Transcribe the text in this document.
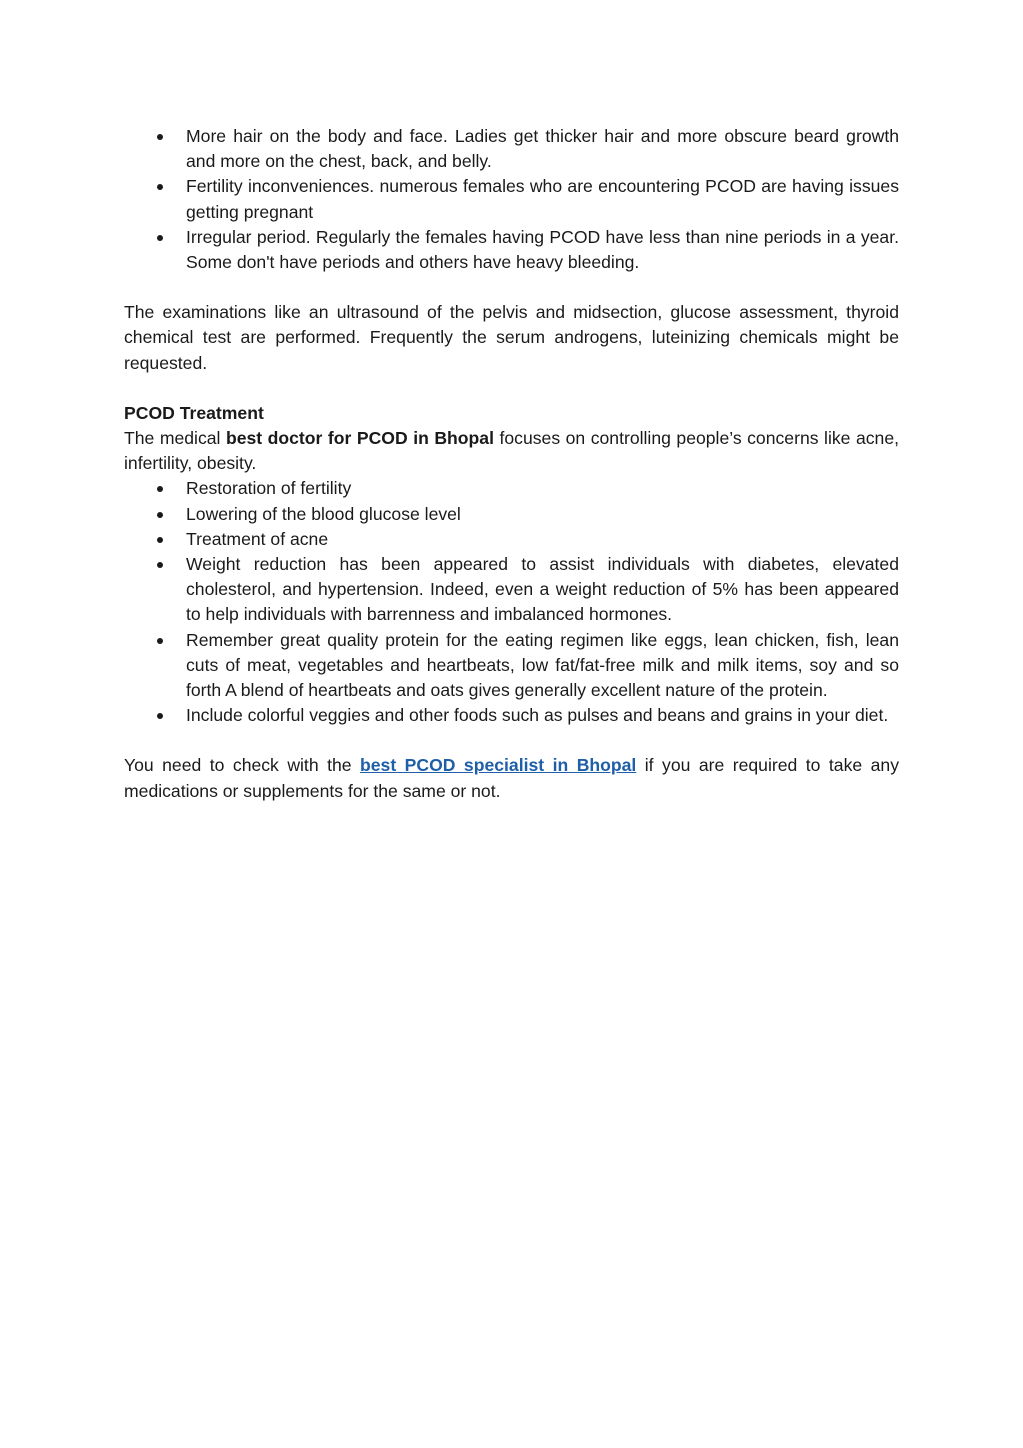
More hair on the body and face. Ladies get thicker hair and more obscure beard growth and more on the chest, back, and belly.
Fertility inconveniences. numerous females who are encountering PCOD are having issues getting pregnant
Irregular period. Regularly the females having PCOD have less than nine periods in a year. Some don't have periods and others have heavy bleeding.

The examinations like an ultrasound of the pelvis and midsection, glucose assessment, thyroid chemical test are performed. Frequently the serum androgens, luteinizing chemicals might be requested.

PCOD Treatment

The medical best doctor for PCOD in Bhopal focuses on controlling people’s concerns like acne, infertility, obesity.

Restoration of fertility
Lowering of the blood glucose level
Treatment of acne
Weight reduction has been appeared to assist individuals with diabetes, elevated cholesterol, and hypertension. Indeed, even a weight reduction of 5% has been appeared to help individuals with barrenness and imbalanced hormones.
Remember great quality protein for the eating regimen like eggs, lean chicken, fish, lean cuts of meat, vegetables and heartbeats, low fat/fat-free milk and milk items, soy and so forth A blend of heartbeats and oats gives generally excellent nature of the protein.
Include colorful veggies and other foods such as pulses and beans and grains in your diet.

You need to check with the best PCOD specialist in Bhopal if you are required to take any medications or supplements for the same or not.
